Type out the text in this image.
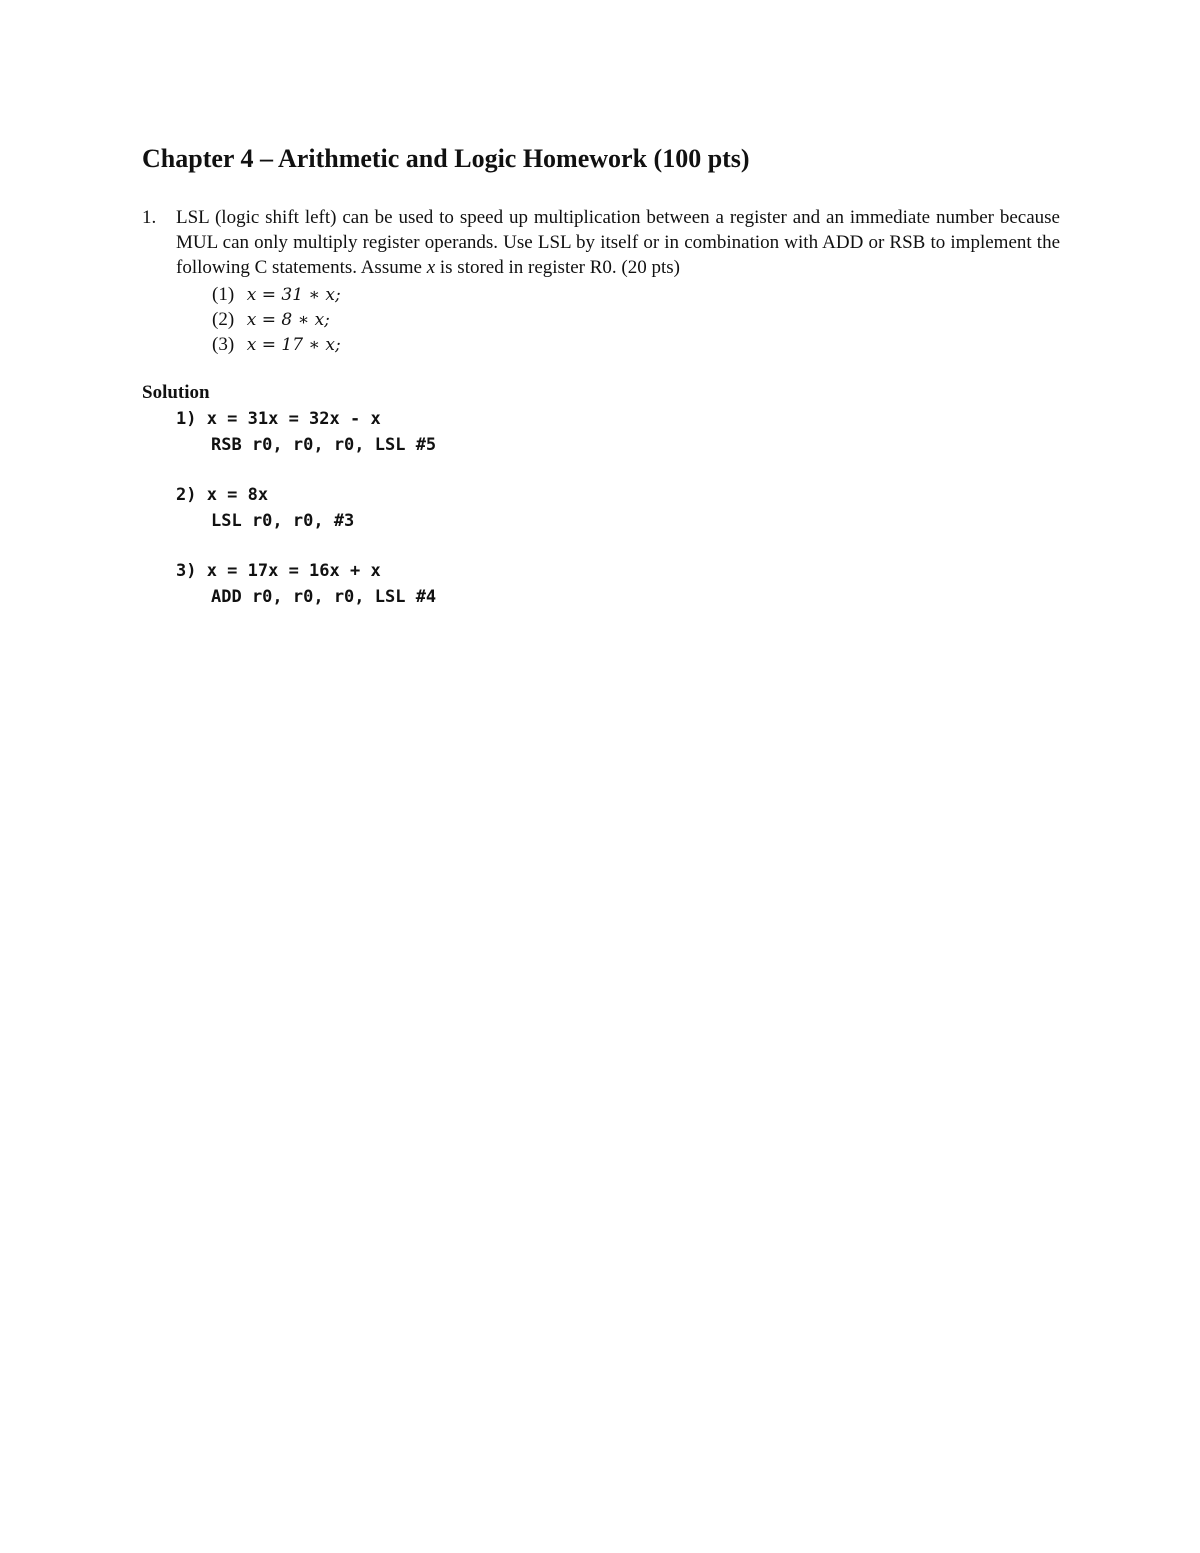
Chapter 4 – Arithmetic and Logic Homework (100 pts)
1. LSL (logic shift left) can be used to speed up multiplication between a register and an immediate number because MUL can only multiply register operands. Use LSL by itself or in combination with ADD or RSB to implement the following C statements. Assume x is stored in register R0. (20 pts)

(1) x = 31 ∗ x;
(2) x = 8 ∗ x;
(3) x = 17 ∗ x;
Solution
1) x = 31x = 32x - x
RSB r0, r0, r0, LSL #5
2) x = 8x
LSL r0, r0, #3
3) x = 17x = 16x + x
ADD r0, r0, r0, LSL #4
